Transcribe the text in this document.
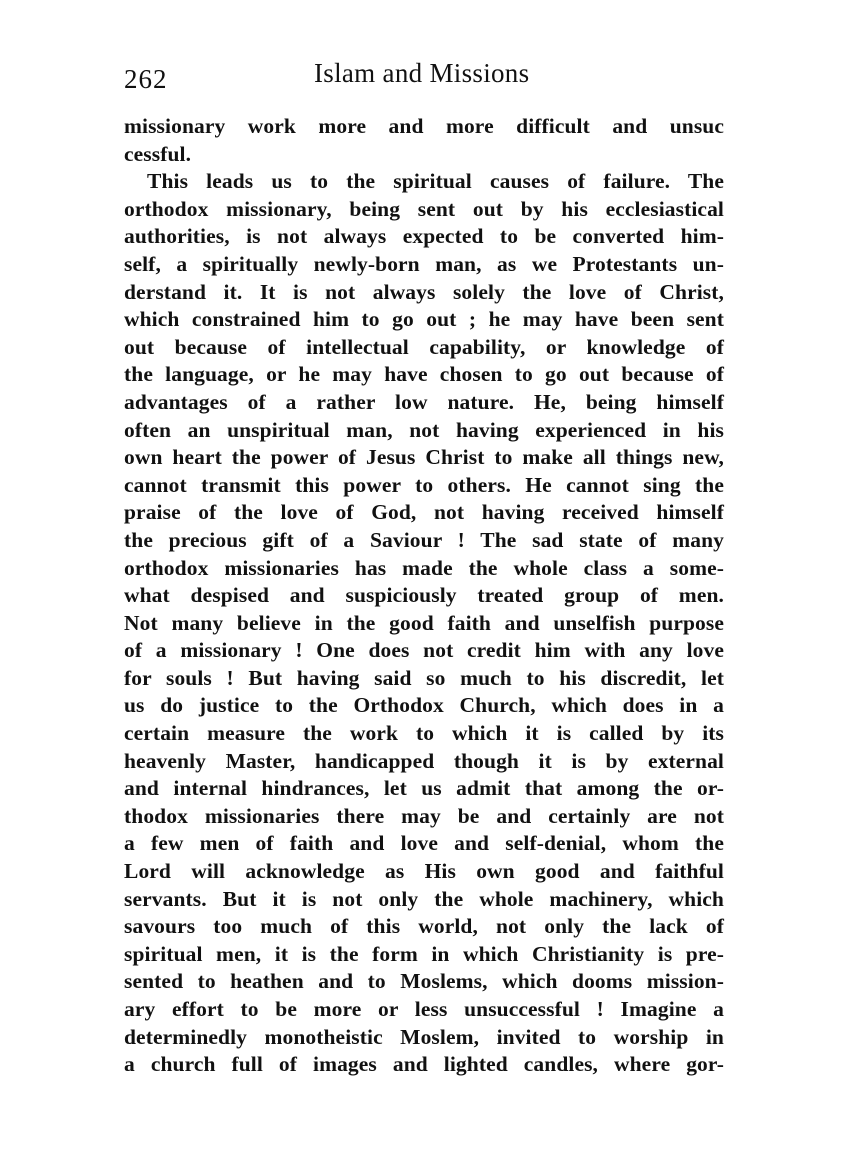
262	Islam and Missions
missionary work more and more difficult and unsuc
cessful.
This leads us to the spiritual causes of failure. The
orthodox missionary, being sent out by his ecclesiastical
authorities, is not always expected to be converted him-
self, a spiritually newly-born man, as we Protestants un-
derstand it. It is not always solely the love of Christ,
which constrained him to go out ; he may have been sent
out because of intellectual capability, or knowledge of
the language, or he may have chosen to go out because of
advantages of a rather low nature. He, being himself
often an unspiritual man, not having experienced in his
own heart the power of Jesus Christ to make all things new,
cannot transmit this power to others. He cannot sing the
praise of the love of God, not having received himself
the precious gift of a Saviour ! The sad state of many
orthodox missionaries has made the whole class a some-
what despised and suspiciously treated group of men.
Not many believe in the good faith and unselfish purpose
of a missionary ! One does not credit him with any love
for souls ! But having said so much to his discredit, let
us do justice to the Orthodox Church, which does in a
certain measure the work to which it is called by its
heavenly Master, handicapped though it is by external
and internal hindrances, let us admit that among the or-
thodox missionaries there may be and certainly are not
a few men of faith and love and self-denial, whom the
Lord will acknowledge as His own good and faithful
servants. But it is not only the whole machinery, which
savours too much of this world, not only the lack of
spiritual men, it is the form in which Christianity is pre-
sented to heathen and to Moslems, which dooms mission-
ary effort to be more or less unsuccessful ! Imagine a
determinedly monotheistic Moslem, invited to worship in
a church full of images and lighted candles, where gor-
